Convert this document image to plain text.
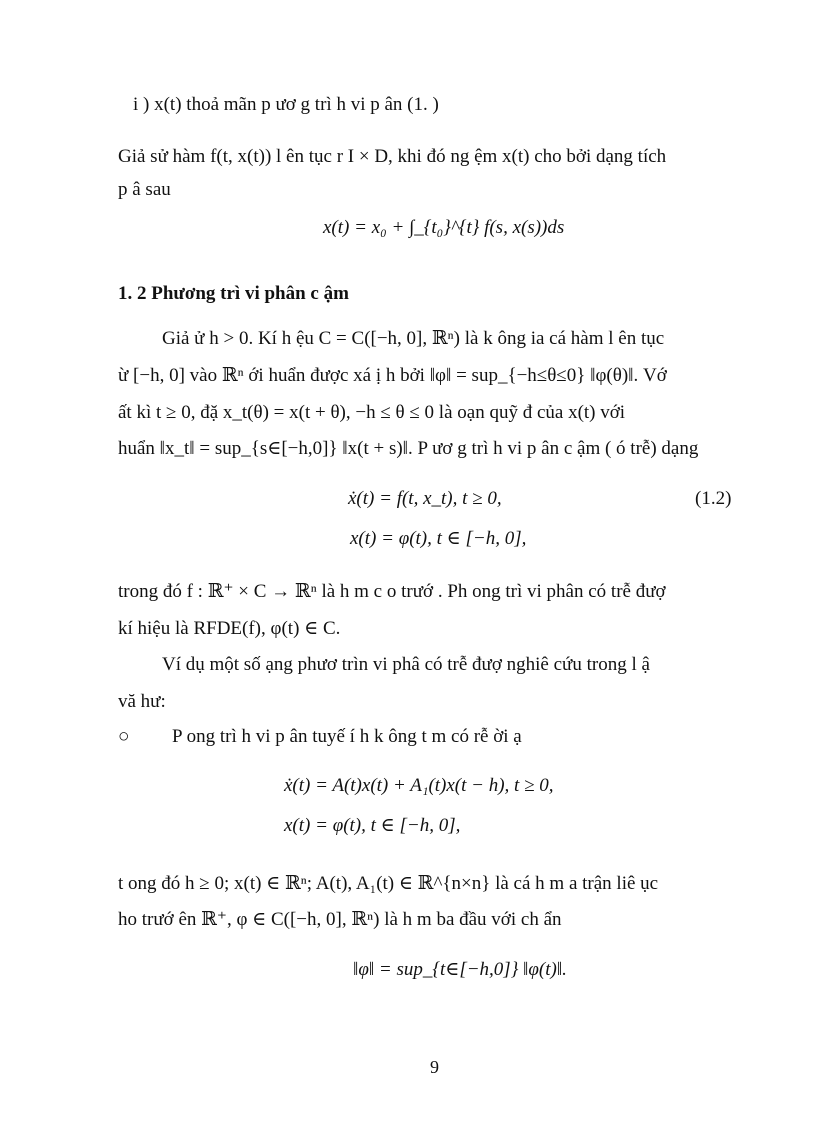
i ) x(t) thoả mãn p ươ g trì h vi p ân (1. )
Giả sử hàm f(t, x(t)) l ên tục r I × D, khi đó ng ệm x(t) cho bởi dạng tích
p â sau
x(t) = x₀ + ∫_{t₀}^{t} f(s, x(s))ds
1. 2 Phương trì vi phân c ậm
Giả ử h > 0. Kí h ệu C = C([−h, 0], ℝⁿ) là k ông ia cá hàm l ên tục
ừ [−h, 0] vào ℝⁿ ới huẩn được xá ị h bởi ‖φ‖ = sup_{−h≤θ≤0} ‖φ(θ)‖. Vớ
ất kì t ≥ 0, đặ x_t(θ) = x(t + θ), −h ≤ θ ≤ 0 là oạn quỹ đ của x(t) với
huẩn ‖x_t‖ = sup_{s∈[−h,0]} ‖x(t + s)‖. P ươ g trì h vi p ân c ậm ( ó trễ) dạng
ẋ(t) = f(t, x_t), t ≥ 0,	(1.2)
x(t) = φ(t), t ∈ [−h, 0],
trong đó f : ℝ⁺ × C → ℝⁿ là h m c o trướ . Ph ong trì vi phân có trễ đượ
kí hiệu là RFDE(f), φ(t) ∈ C.
Ví dụ một số ạng phươ trìn vi phâ có trễ đượ nghiê cứu trong l ậ
vă hư:
○ P ong trì h vi p ân tuyế í h k ông t m có rễ ời ạ
ẋ(t) = A(t)x(t) + A₁(t)x(t − h), t ≥ 0,
x(t) = φ(t), t ∈ [−h, 0],
t ong đó h ≥ 0; x(t) ∈ ℝⁿ; A(t), A₁(t) ∈ ℝ^{n×n} là cá h m a trận liê ục
ho trướ ên ℝ⁺, φ ∈ C([−h, 0], ℝⁿ) là h m ba đầu với ch ẩn
‖φ‖ = sup_{t∈[−h,0]} ‖φ(t)‖.
9
